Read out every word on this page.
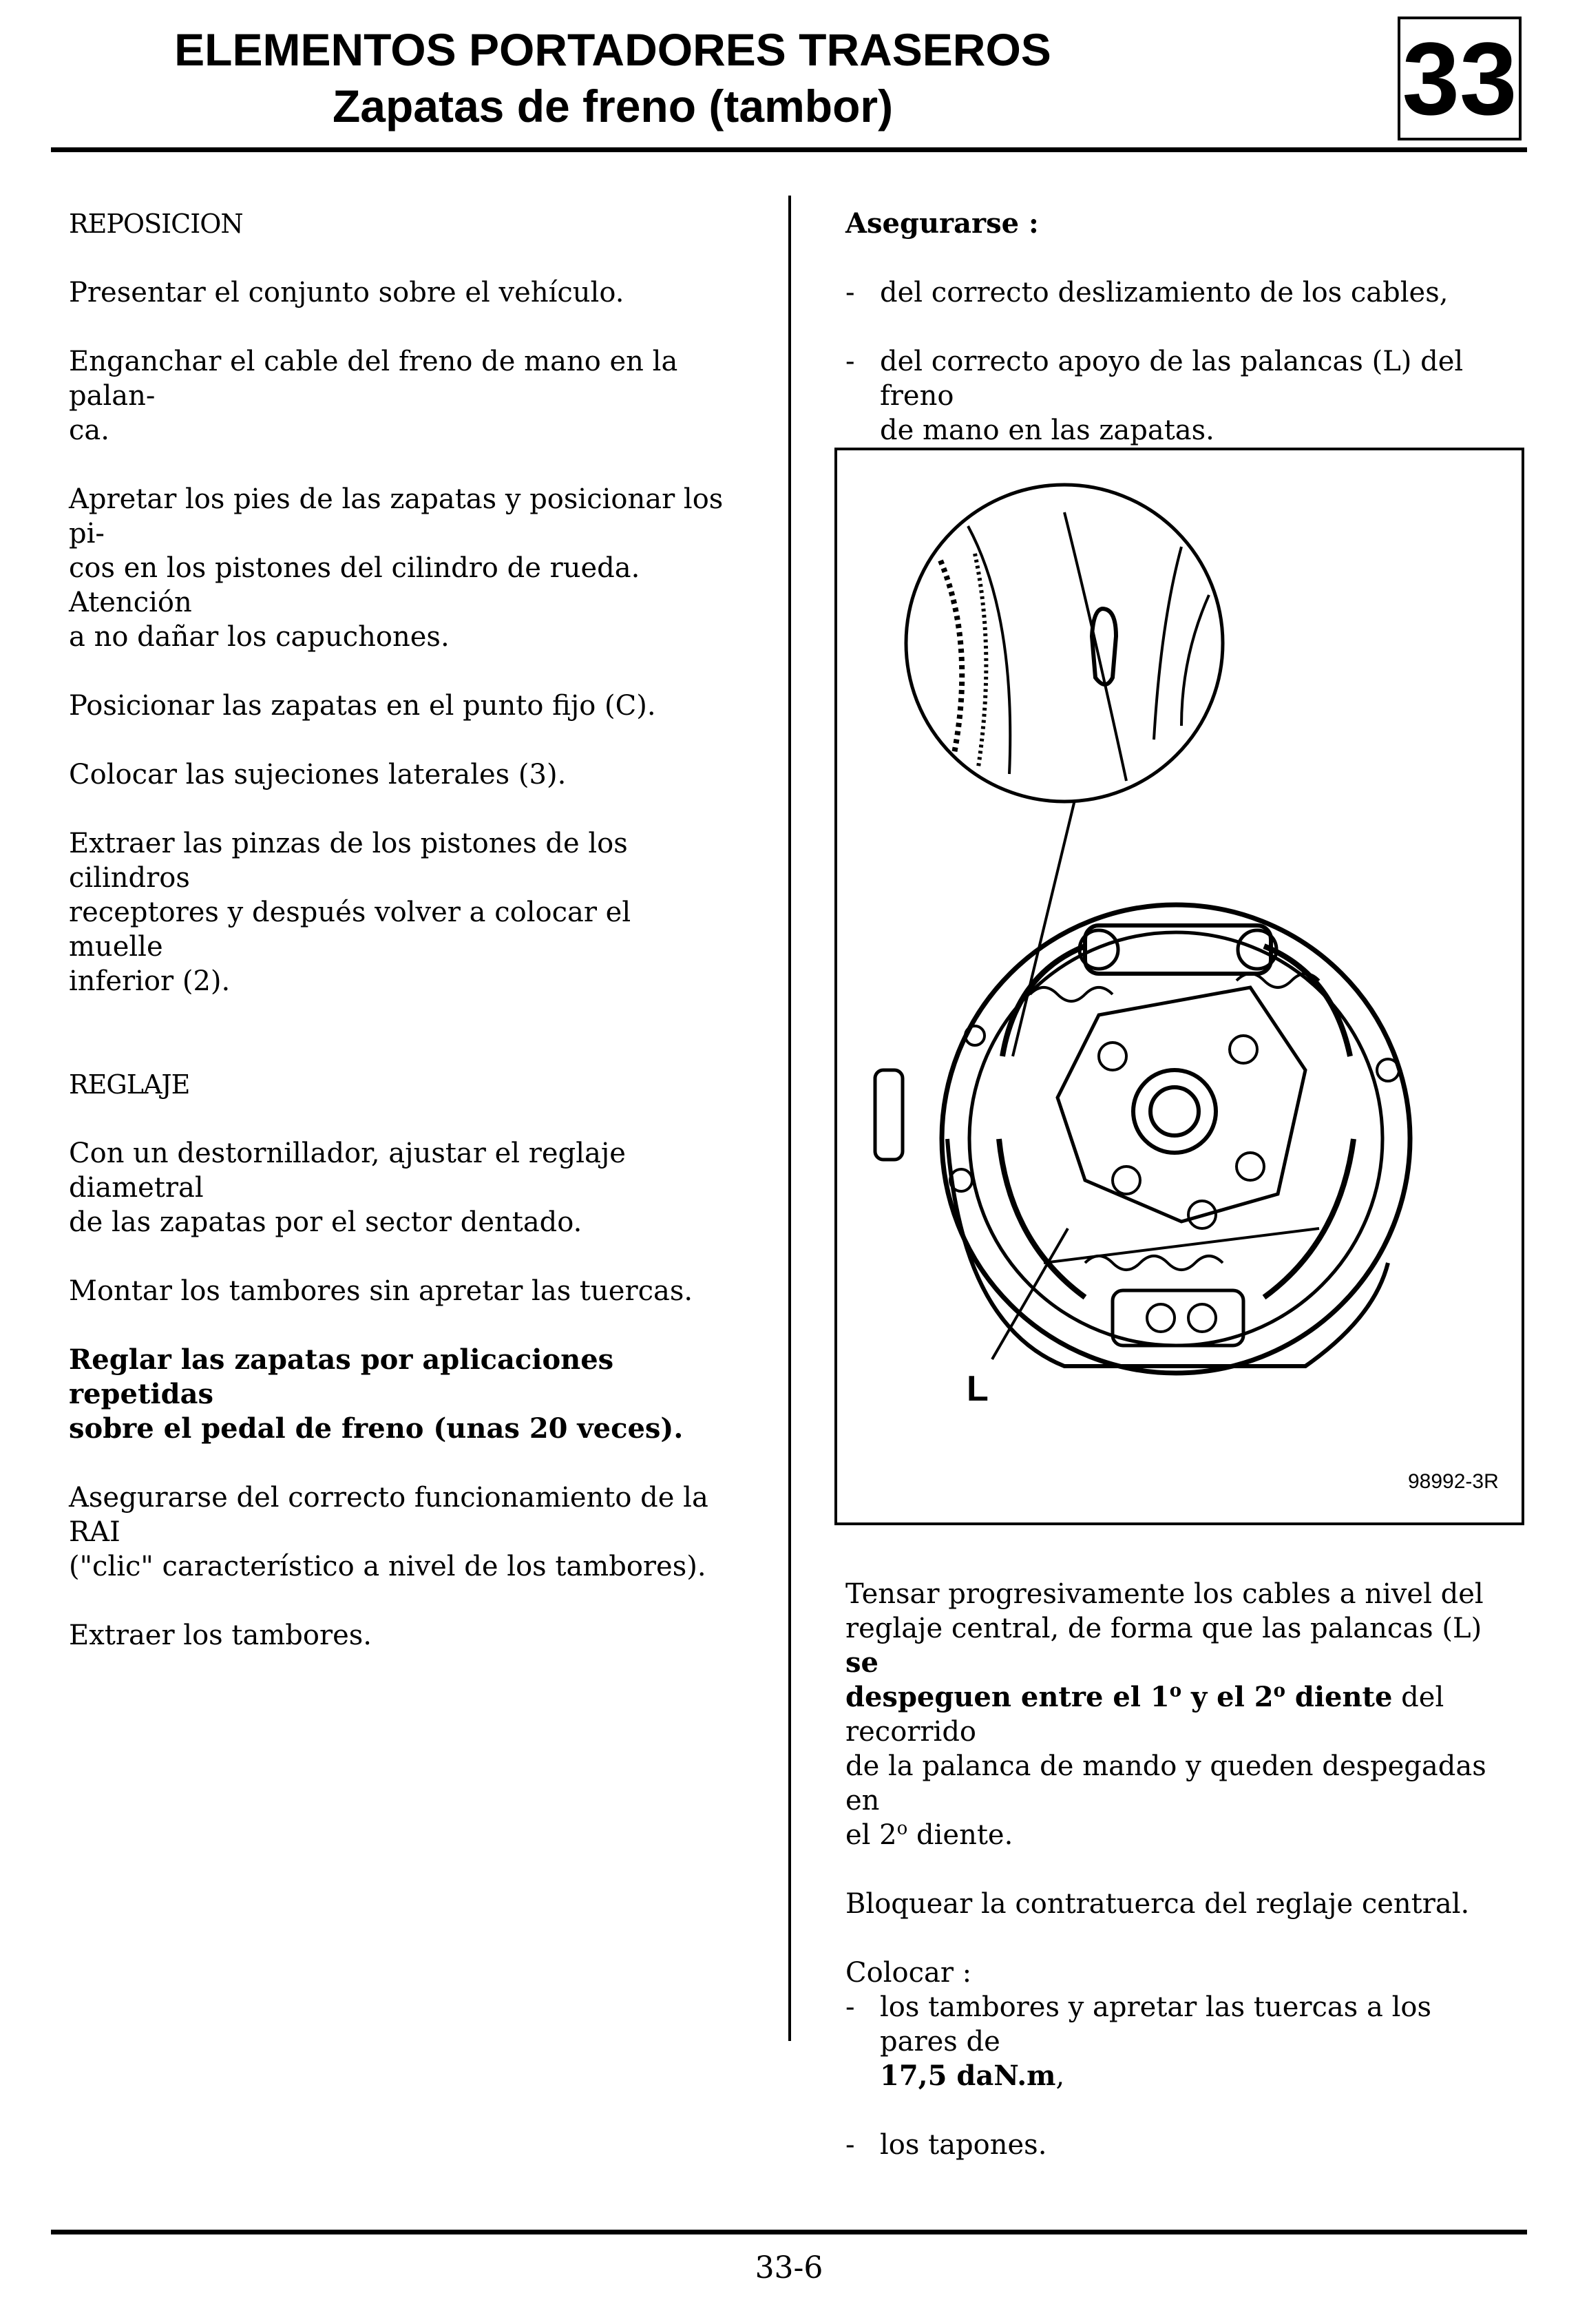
ELEMENTOS PORTADORES TRASEROS
Zapatas de freno (tambor)	33
REPOSICION

Presentar el conjunto sobre el vehículo.

Enganchar el cable del freno de mano en la palan-
ca.

Apretar los pies de las zapatas y posicionar los pi-
cos en los pistones del cilindro de rueda. Atención
a no dañar los capuchones.

Posicionar las zapatas en el punto fijo (C).

Colocar las sujeciones laterales (3).

Extraer las pinzas de los pistones de los cilindros
receptores y después volver a colocar el muelle
inferior (2).

REGLAJE

Con un destornillador, ajustar el reglaje diametral
de las zapatas por el sector dentado.

Montar los tambores sin apretar las tuercas.

Reglar las zapatas por aplicaciones repetidas
sobre el pedal de freno (unas 20 veces).

Asegurarse del correcto funcionamiento de la RAI
("clic" característico a nivel de los tambores).

Extraer los tambores.

Asegurarse :

- del correcto deslizamiento de los cables,
- del correcto apoyo de las palancas (L) del freno
de mano en las zapatas.
L
98992-3R

Tensar progresivamente los cables a nivel del
reglaje central, de forma que las palancas (L) se
despeguen entre el 1$^o$ y el 2$^o$ diente del recorrido
de la palanca de mando y queden despegadas en
el 2$^o$ diente.

Bloquear la contratuerca del reglaje central.

Colocar :
- los tambores y apretar las tuercas a los pares de
17,5 daN.m,
- los tapones.
33-6
